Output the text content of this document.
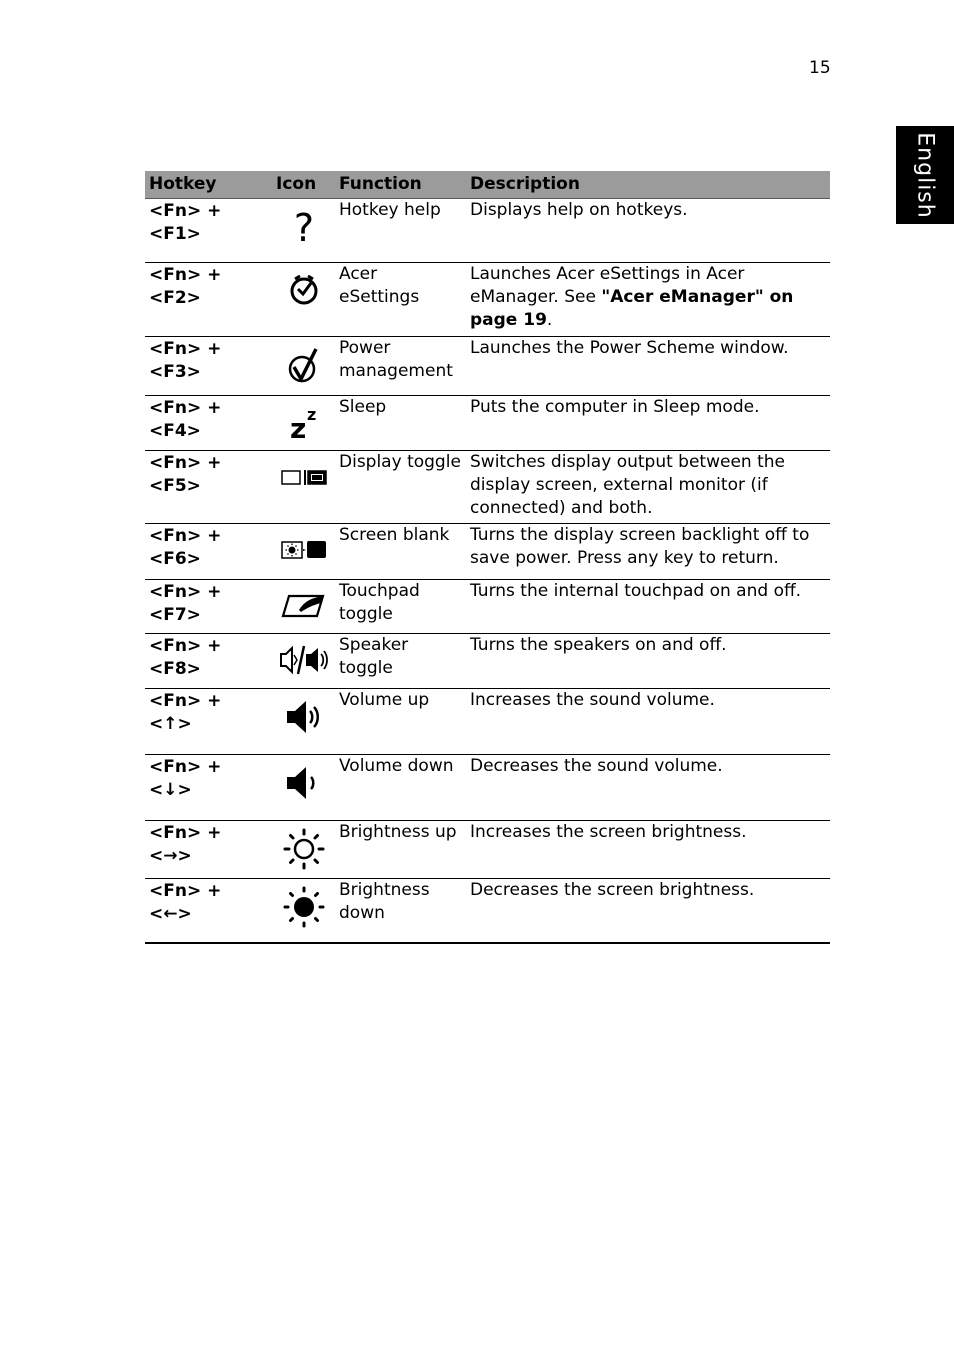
15
English
Hotkey	Icon	Function	Description
<Fn> + <F1>	?	Hotkey help	Displays help on hotkeys.
<Fn> + <F2>		Acer eSettings	Launches Acer eSettings in Acer eManager. See "Acer eManager" on page 19.
<Fn> + <F3>		Power management	Launches the Power Scheme window.
<Fn> + <F4>	z z	Sleep	Puts the computer in Sleep mode.
<Fn> + <F5>		Display toggle	Switches display output between the display screen, external monitor (if connected) and both.
<Fn> + <F6>		Screen blank	Turns the display screen backlight off to save power. Press any key to return.
<Fn> + <F7>		Touchpad toggle	Turns the internal touchpad on and off.
<Fn> + <F8>		Speaker toggle	Turns the speakers on and off.
<Fn> + <↑>		Volume up	Increases the sound volume.
<Fn> + <↓>		Volume down	Decreases the sound volume.
<Fn> + <→>		Brightness up	Increases the screen brightness.
<Fn> + <←>		Brightness down	Decreases the screen brightness.
